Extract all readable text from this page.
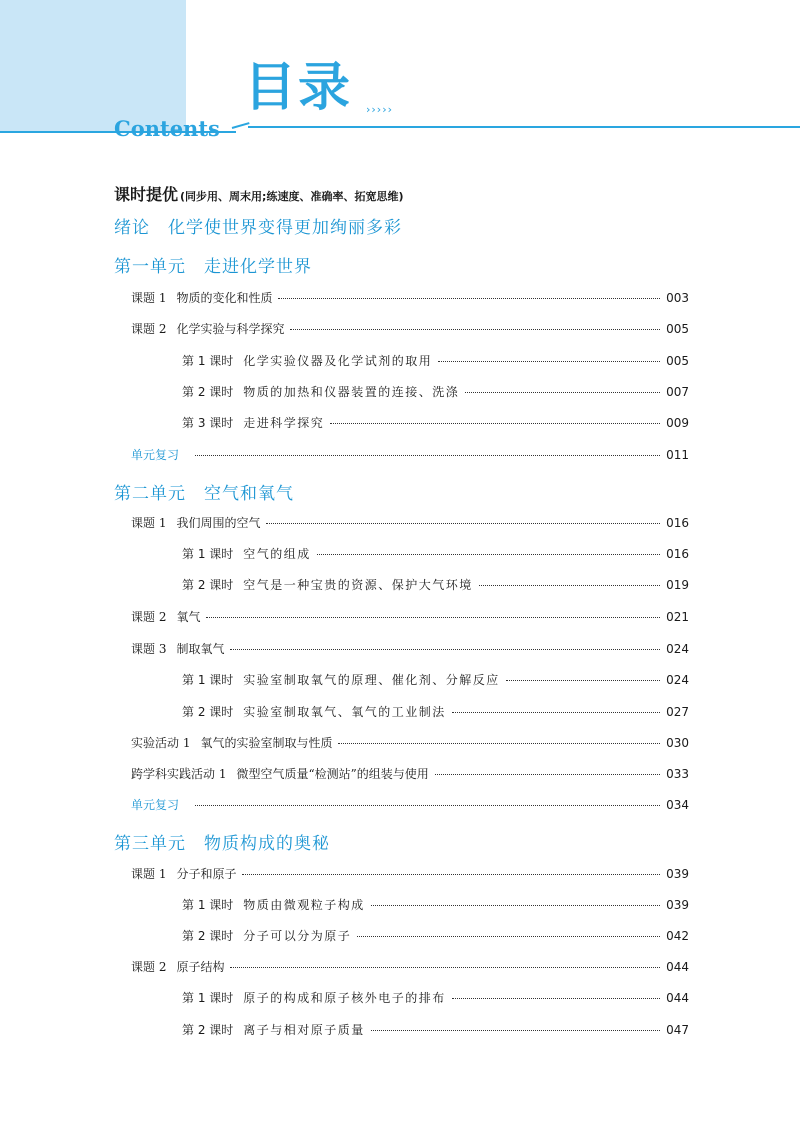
目录 ›››››
Contents
课时提优 (同步用、周末用;练速度、准确率、拓宽思维)
绪论　化学使世界变得更加绚丽多彩
第一单元 走进化学世界
第二单元 空气和氧气
第三单元 物质构成的奥秘
课题 1 物质的变化和性质	003
课题 2 化学实验与科学探究	005
第 1 课时 化学实验仪器及化学试剂的取用	005
第 2 课时 物质的加热和仪器装置的连接、洗涤	007
第 3 课时 走进科学探究	009
单元复习	011
课题 1 我们周围的空气	016
第 1 课时 空气的组成	016
第 2 课时 空气是一种宝贵的资源、保护大气环境	019
课题 2 氧气	021
课题 3 制取氧气	024
第 1 课时 实验室制取氧气的原理、催化剂、分解反应	024
第 2 课时 实验室制取氧气、氧气的工业制法	027
实验活动 1 氧气的实验室制取与性质	030
跨学科实践活动 1 微型空气质量“检测站”的组装与使用	033
单元复习	034
课题 1 分子和原子	039
第 1 课时 物质由微观粒子构成	039
第 2 课时 分子可以分为原子	042
课题 2 原子结构	044
第 1 课时 原子的构成和原子核外电子的排布	044
第 2 课时 离子与相对原子质量	047
